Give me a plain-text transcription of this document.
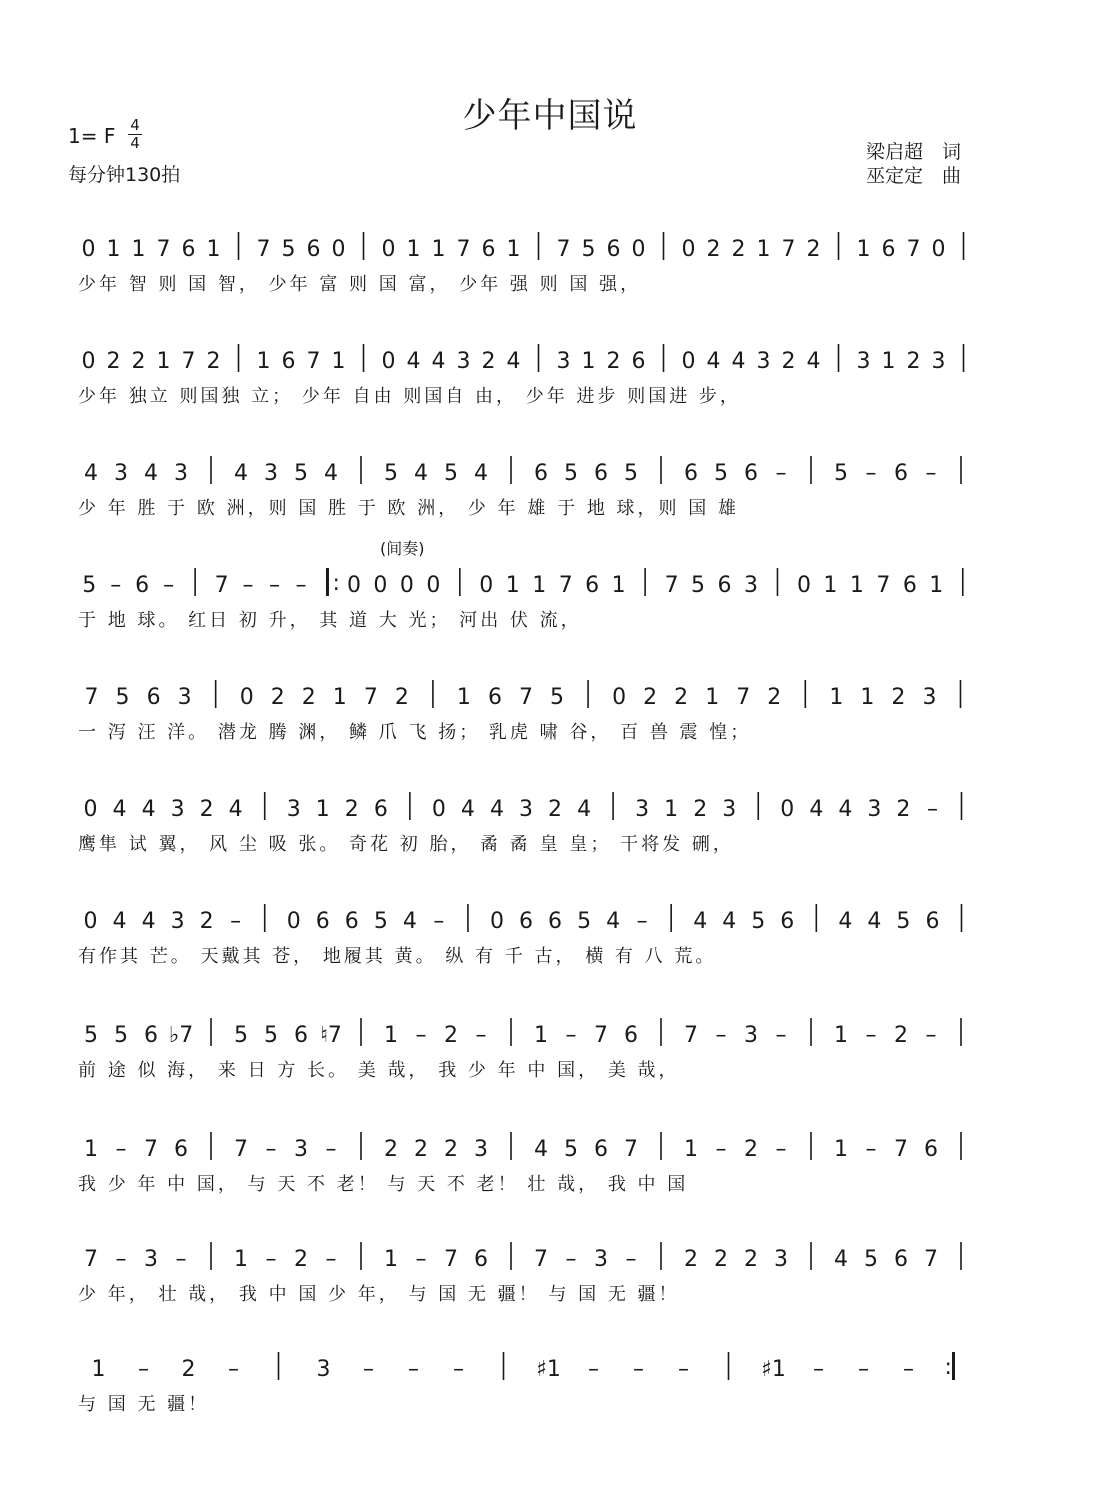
少年中国说
1= F 4
4
每分钟130拍
梁启超 词
巫定定 曲
(间奏)
0 1 1 7 6 1 7 5 6 0 0 1 1 7 6 1 7 5 6 0 0 2 2 1 7 2 1 6 7 0
少年 智 则 国 智， 少年 富 则 国 富， 少年 强 则 国 强，
0 2 2 1 7 2 1 6 7 1 0 4 4 3 2 4 3 1 2 6 0 4 4 3 2 4 3 1 2 3
少年 独立 则国独 立； 少年 自由 则国自 由， 少年 进步 则国进 步，
4 3 4 3 4 3 5 4 5 4 5 4 6 5 6 5 6 5 6 – 5 – 6 –
少 年 胜 于 欧 洲，则 国 胜 于 欧 洲， 少 年 雄 于 地 球，则 国 雄
5 – 6 – 7 – – – : 0 0 0 0 0 1 1 7 6 1 7 5 6 3 0 1 1 7 6 1
于 地 球。 红日 初 升， 其 道 大 光； 河出 伏 流，
7 5 6 3 0 2 2 1 7 2 1 6 7 5 0 2 2 1 7 2 1 1 2 3
一 泻 汪 洋。 潜龙 腾 渊， 鳞 爪 飞 扬； 乳虎 啸 谷， 百 兽 震 惶；
0 4 4 3 2 4 3 1 2 6 0 4 4 3 2 4 3 1 2 3 0 4 4 3 2 –
鹰隼 试 翼， 风 尘 吸 张。 奇花 初 胎， 矞 矞 皇 皇； 干将发 硎，
0 4 4 3 2 – 0 6 6 5 4 – 0 6 6 5 4 – 4 4 5 6 4 4 5 6
有作其 芒。 天戴其 苍， 地履其 黄。 纵 有 千 古， 横 有 八 荒。
5 5 6 ♭7 5 5 6 ♮7 1 – 2 – 1 – 7 6 7 – 3 – 1 – 2 –
前 途 似 海， 来 日 方 长。 美 哉， 我 少 年 中 国， 美 哉，
1 – 7 6 7 – 3 – 2 2 2 3 4 5 6 7 1 – 2 – 1 – 7 6
我 少 年 中 国， 与 天 不 老！ 与 天 不 老！ 壮 哉， 我 中 国
7 – 3 – 1 – 2 – 1 – 7 6 7 – 3 – 2 2 2 3 4 5 6 7
少 年， 壮 哉， 我 中 国 少 年， 与 国 无 疆！ 与 国 无 疆！
1 – 2 –	3 – – –	♯1 – – –	♯1 – – – :
与 国 无 疆！
